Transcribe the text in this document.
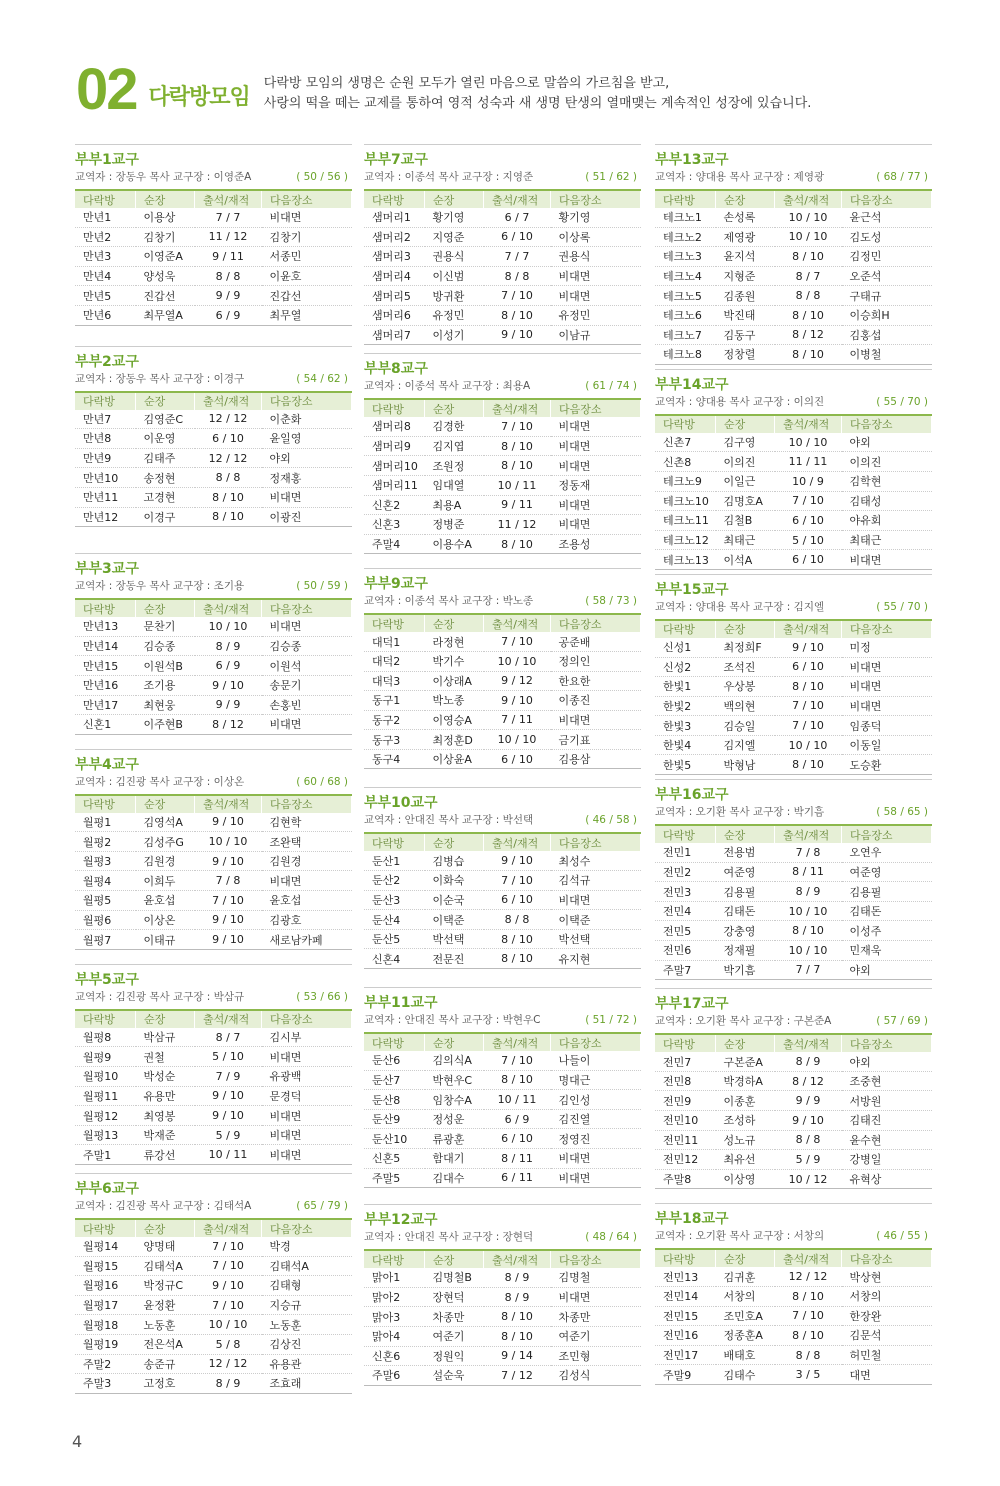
02 다락방모임
다락방 모임의 생명은 순원 모두가 열린 마음으로 말씀의 가르침을 받고,
사랑의 떡을 떼는 교제를 통하여 영적 성숙과 새 생명 탄생의 열매맺는 계속적인 성장에 있습니다.
부부1교구
교역자 : 장동우 목사 교구장 : 이영준A	( 50 / 56 )
다락방	순장	출석/재적	다음장소
만년1	이용상	7 / 7	비대면
만년2	김창기	11 / 12	김창기
만년3	이영준A	9 / 11	서종민
만년4	양성욱	8 / 8	이윤호
만년5	진갑선	9 / 9	진갑선
만년6	최무열A	6 / 9	최무열
부부2교구
교역자 : 장동우 목사 교구장 : 이경구	( 54 / 62 )
다락방	순장	출석/재적	다음장소
만년7	김영준C	12 / 12	이춘화
만년8	이운영	6 / 10	윤일영
만년9	김태주	12 / 12	야외
만년10	송정현	8 / 8	정재홍
만년11	고경현	8 / 10	비대면
만년12	이경구	8 / 10	이광진
부부3교구
교역자 : 장동우 목사 교구장 : 조기용	( 50 / 59 )
다락방	순장	출석/재적	다음장소
만년13	문찬기	10 / 10	비대면
만년14	김승종	8 / 9	김승종
만년15	이원석B	6 / 9	이원석
만년16	조기용	9 / 10	송문기
만년17	최현웅	9 / 9	손홍빈
신혼1	이주현B	8 / 12	비대면
부부4교구
교역자 : 김진광 목사 교구장 : 이상온	( 60 / 68 )
다락방	순장	출석/재적	다음장소
월평1	김영석A	9 / 10	김현학
월평2	김성주G	10 / 10	조완택
월평3	김원경	9 / 10	김원경
월평4	이희두	7 / 8	비대면
월평5	윤호섭	7 / 10	윤호섭
월평6	이상온	9 / 10	김광호
월평7	이태규	9 / 10	새로남카페
부부5교구
교역자 : 김진광 목사 교구장 : 박삼규	( 53 / 66 )
다락방	순장	출석/재적	다음장소
월평8	박삼규	8 / 7	김시부
월평9	권철	5 / 10	비대면
월평10	박성순	7 / 9	유광백
월평11	유용만	9 / 10	문경덕
월평12	최영봉	9 / 10	비대면
월평13	박재준	5 / 9	비대면
주말1	류강선	10 / 11	비대면
부부6교구
교역자 : 김진광 목사 교구장 : 김태석A	( 65 / 79 )
다락방	순장	출석/재적	다음장소
월평14	양명태	7 / 10	박경
월평15	김태석A	7 / 10	김태석A
월평16	박정규C	9 / 10	김태형
월평17	윤정환	7 / 10	지승규
월평18	노동훈	10 / 10	노동훈
월평19	전은석A	5 / 8	김상진
주말2	송준규	12 / 12	유용관
주말3	고정호	8 / 9	조효래
부부7교구
교역자 : 이종석 목사 교구장 : 지영준	( 51 / 62 )
다락방	순장	출석/재적	다음장소
샘머리1	황기영	6 / 7	황기영
샘머리2	지영준	6 / 10	이상록
샘머리3	권용식	7 / 7	권용식
샘머리4	이신범	8 / 8	비대면
샘머리5	방귀환	7 / 10	비대면
샘머리6	유정민	8 / 10	유정민
샘머리7	이성기	9 / 10	이남규
부부8교구
교역자 : 이종석 목사 교구장 : 최용A	( 61 / 74 )
다락방	순장	출석/재적	다음장소
샘머리8	김경한	7 / 10	비대면
샘머리9	김지엽	8 / 10	비대면
샘머리10	조원정	8 / 10	비대면
샘머리11	임대열	10 / 11	정동재
신혼2	최용A	9 / 11	비대면
신혼3	정병준	11 / 12	비대면
주말4	이용수A	8 / 10	조용성
부부9교구
교역자 : 이종석 목사 교구장 : 박노종	( 58 / 73 )
다락방	순장	출석/재적	다음장소
대덕1	라정현	7 / 10	공준배
대덕2	박기수	10 / 10	정의인
대덕3	이상래A	9 / 12	한요한
동구1	박노종	9 / 10	이종진
동구2	이영승A	7 / 11	비대면
동구3	최정훈D	10 / 10	금기표
동구4	이상윤A	6 / 10	김용삼
부부10교구
교역자 : 안대진 목사 교구장 : 박선택	( 46 / 58 )
다락방	순장	출석/재적	다음장소
둔산1	김병습	9 / 10	최성수
둔산2	이화숙	7 / 10	김석규
둔산3	이순국	6 / 10	비대면
둔산4	이택준	8 / 8	이택준
둔산5	박선택	8 / 10	박선택
신혼4	전문진	8 / 10	유지현
부부11교구
교역자 : 안대진 목사 교구장 : 박현우C	( 51 / 72 )
다락방	순장	출석/재적	다음장소
둔산6	김의식A	7 / 10	나들이
둔산7	박현우C	8 / 10	명대근
둔산8	임창수A	10 / 11	김인성
둔산9	정성운	6 / 9	김진열
둔산10	류광훈	6 / 10	정영진
신혼5	함대기	8 / 11	비대면
주말5	김대수	6 / 11	비대면
부부12교구
교역자 : 안대진 목사 교구장 : 장현덕	( 48 / 64 )
다락방	순장	출석/재적	다음장소
맑아1	김명철B	8 / 9	김명철
맑아2	장현덕	8 / 9	비대면
맑아3	차종만	8 / 10	차종만
맑아4	여준기	8 / 10	여준기
신혼6	정원익	9 / 14	조민형
주말6	설순욱	7 / 12	김성식
부부13교구
교역자 : 양대용 목사 교구장 : 제영광	( 68 / 77 )
다락방	순장	출석/재적	다음장소
테크노1	손성록	10 / 10	윤근석
테크노2	제영광	10 / 10	김도성
테크노3	윤지석	8 / 10	김정민
테크노4	지형준	8 / 7	오준석
테크노5	김종원	8 / 8	구태규
테크노6	박진태	8 / 10	이승희H
테크노7	김동구	8 / 12	김홍섭
테크노8	정창렬	8 / 10	이병철
부부14교구
교역자 : 양대용 목사 교구장 : 이의진	( 55 / 70 )
다락방	순장	출석/재적	다음장소
신촌7	김구영	10 / 10	야외
신촌8	이의진	11 / 11	이의진
테크노9	이일근	10 / 9	김학현
테크노10	김명호A	7 / 10	김태성
테크노11	김철B	6 / 10	야유회
테크노12	최태근	5 / 10	최태근
테크노13	이석A	6 / 10	비대면
부부15교구
교역자 : 양대용 목사 교구장 : 김지엘	( 55 / 70 )
다락방	순장	출석/재적	다음장소
신성1	최정희F	9 / 10	미정
신성2	조석진	6 / 10	비대면
한빛1	우상봉	8 / 10	비대면
한빛2	백의현	7 / 10	비대면
한빛3	김승일	7 / 10	임종덕
한빛4	김지엘	10 / 10	이동일
한빛5	박형남	8 / 10	도승환
부부16교구
교역자 : 오기환 목사 교구장 : 박기흠	( 58 / 65 )
다락방	순장	출석/재적	다음장소
전민1	전용범	7 / 8	오연우
전민2	여준영	8 / 11	여준영
전민3	김용필	8 / 9	김용필
전민4	김태돈	10 / 10	김태돈
전민5	강충영	8 / 10	이성주
전민6	정재필	10 / 10	민재욱
주말7	박기흠	7 / 7	야외
부부17교구
교역자 : 오기환 목사 교구장 : 구본준A	( 57 / 69 )
다락방	순장	출석/재적	다음장소
전민7	구본준A	8 / 9	야외
전민8	박경하A	8 / 12	조중현
전민9	이종훈	9 / 9	서방원
전민10	조성하	9 / 10	김태진
전민11	성노규	8 / 8	윤수현
전민12	최유선	5 / 9	강병일
주말8	이상영	10 / 12	유혁상
부부18교구
교역자 : 오기환 목사 교구장 : 서창의	( 46 / 55 )
다락방	순장	출석/재적	다음장소
전민13	김귀훈	12 / 12	박상현
전민14	서창의	8 / 10	서창의
전민15	조민호A	7 / 10	한장완
전민16	정종훈A	8 / 10	김문석
전민17	배태호	8 / 8	허민철
주말9	김태수	3 / 5	대면
4
